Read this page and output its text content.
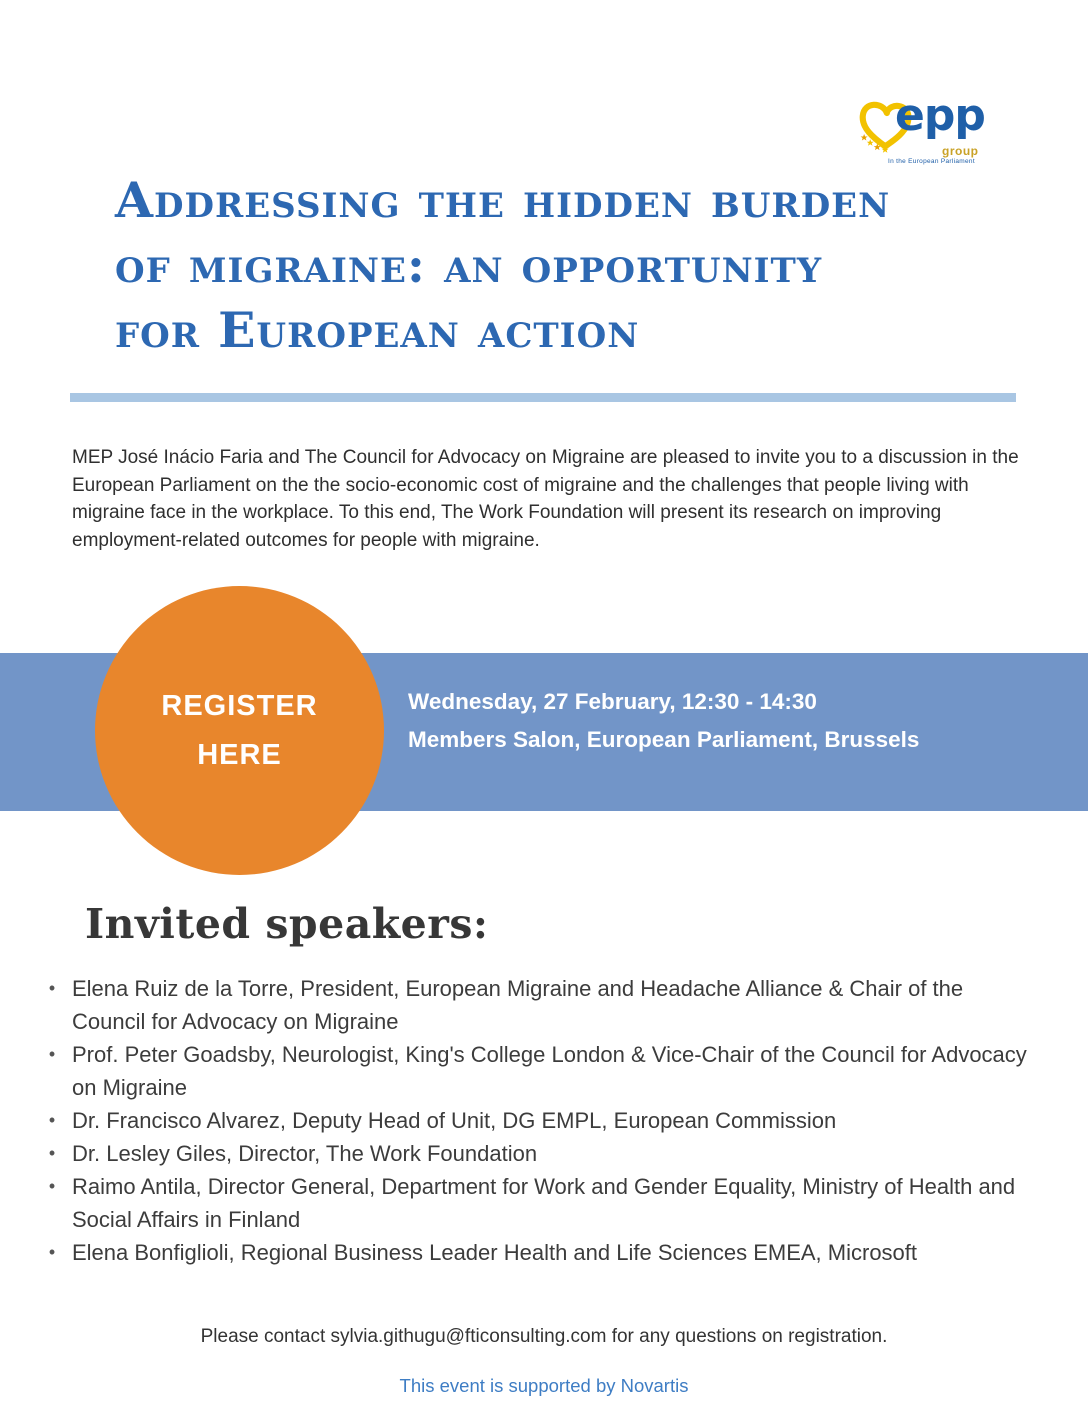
epp
group
In the European Parliament
Addressing the hidden burden
of migraine: an opportunity
for European action

MEP José Inácio Faria and The Council for Advocacy on Migraine are pleased to invite you to a discussion in the European Parliament on the the socio-economic cost of migraine and the challenges that people living with migraine face in the workplace. To this end, The Work Foundation will present its research on improving employment-related outcomes for people with migraine.

Wednesday, 27 February, 12:30 - 14:30
Members Salon, European Parliament, Brussels
REGISTER
HERE
Invited speakers:
• Elena Ruiz de la Torre, President, European Migraine and Headache Alliance & Chair of the Council for Advocacy on Migraine
• Prof. Peter Goadsby, Neurologist, King's College London & Vice-Chair of the Council for Advocacy on Migraine
• Dr. Francisco Alvarez, Deputy Head of Unit, DG EMPL, European Commission
• Dr. Lesley Giles, Director, The Work Foundation
• Raimo Antila, Director General, Department for Work and Gender Equality, Ministry of Health and Social Affairs in Finland
• Elena Bonfiglioli, Regional Business Leader Health and Life Sciences EMEA, Microsoft

Please contact sylvia.githugu@fticonsulting.com for any questions on registration.

This event is supported by Novartis
